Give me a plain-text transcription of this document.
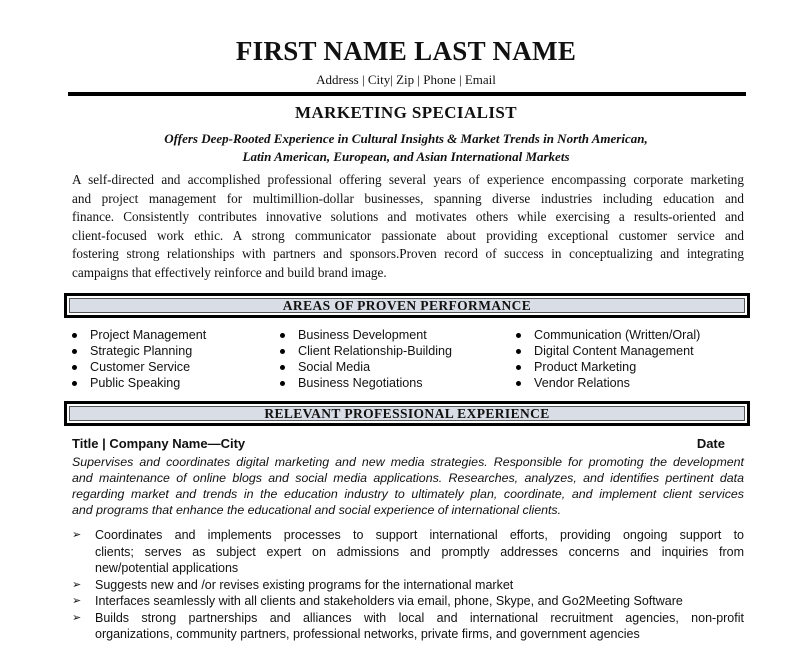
FIRST NAME LAST NAME
Address | City| Zip | Phone | Email
MARKETING SPECIALIST
Offers Deep-Rooted Experience in Cultural Insights & Market Trends in North American,
Latin American, European, and Asian International Markets
A self-directed and accomplished professional offering several years of experience encompassing corporate marketing
and project management for multimillion-dollar businesses, spanning diverse industries including education and
finance. Consistently contributes innovative solutions and motivates others while exercising a results-oriented and
client-focused work ethic. A strong communicator passionate about providing exceptional customer service and
fostering strong relationships with partners and sponsors.Proven record of success in conceptualizing and integrating
campaigns that effectively reinforce and build brand image.
AREAS OF PROVEN PERFORMANCE
Project Management
Strategic Planning
Customer Service
Public Speaking
Business Development
Client Relationship-Building
Social Media
Business Negotiations
Communication (Written/Oral)
Digital Content Management
Product Marketing
Vendor Relations
RELEVANT PROFESSIONAL EXPERIENCE
Title | Company Name—City	Date
Supervises and coordinates digital marketing and new media strategies. Responsible for promoting the development
and maintenance of online blogs and social media applications. Researches, analyzes, and identifies pertinent data
regarding market and trends in the education industry to ultimately plan, coordinate, and implement client services
and programs that enhance the educational and social experience of international clients.
➢	Coordinates and implements processes to support international efforts, providing ongoing support to
clients; serves as subject expert on admissions and promptly addresses concerns and inquiries from
new/potential applications
➢	Suggests new and /or revises existing programs for the international market
➢	Interfaces seamlessly with all clients and stakeholders via email, phone, Skype, and Go2Meeting Software
➢	Builds strong partnerships and alliances with local and international recruitment agencies, non-profit
organizations, community partners, professional networks, private firms, and government agencies
